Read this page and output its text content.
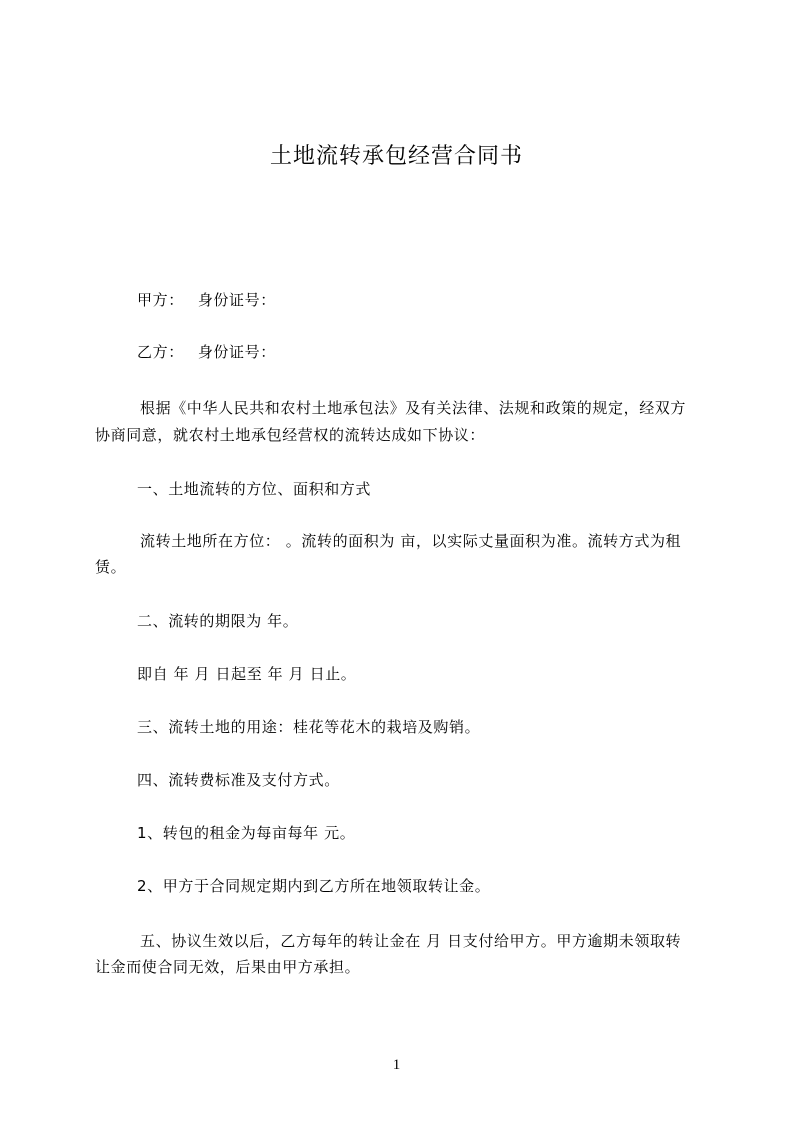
土地流转承包经营合同书
甲方： 身份证号：
乙方： 身份证号：
根据《中华人民共和农村土地承包法》及有关法律、法规和政策的规定，经双方
协商同意，就农村土地承包经营权的流转达成如下协议：
一、土地流转的方位、面积和方式
流转土地所在方位： 。流转的面积为 亩，以实际丈量面积为准。流转方式为租
赁。
二、流转的期限为 年。
即自 年 月 日起至 年 月 日止。
三、流转土地的用途：桂花等花木的栽培及购销。
四、流转费标准及支付方式。
1、转包的租金为每亩每年 元。
2、甲方于合同规定期内到乙方所在地领取转让金。
五、协议生效以后，乙方每年的转让金在 月 日支付给甲方。甲方逾期未领取转
让金而使合同无效，后果由甲方承担。
1
